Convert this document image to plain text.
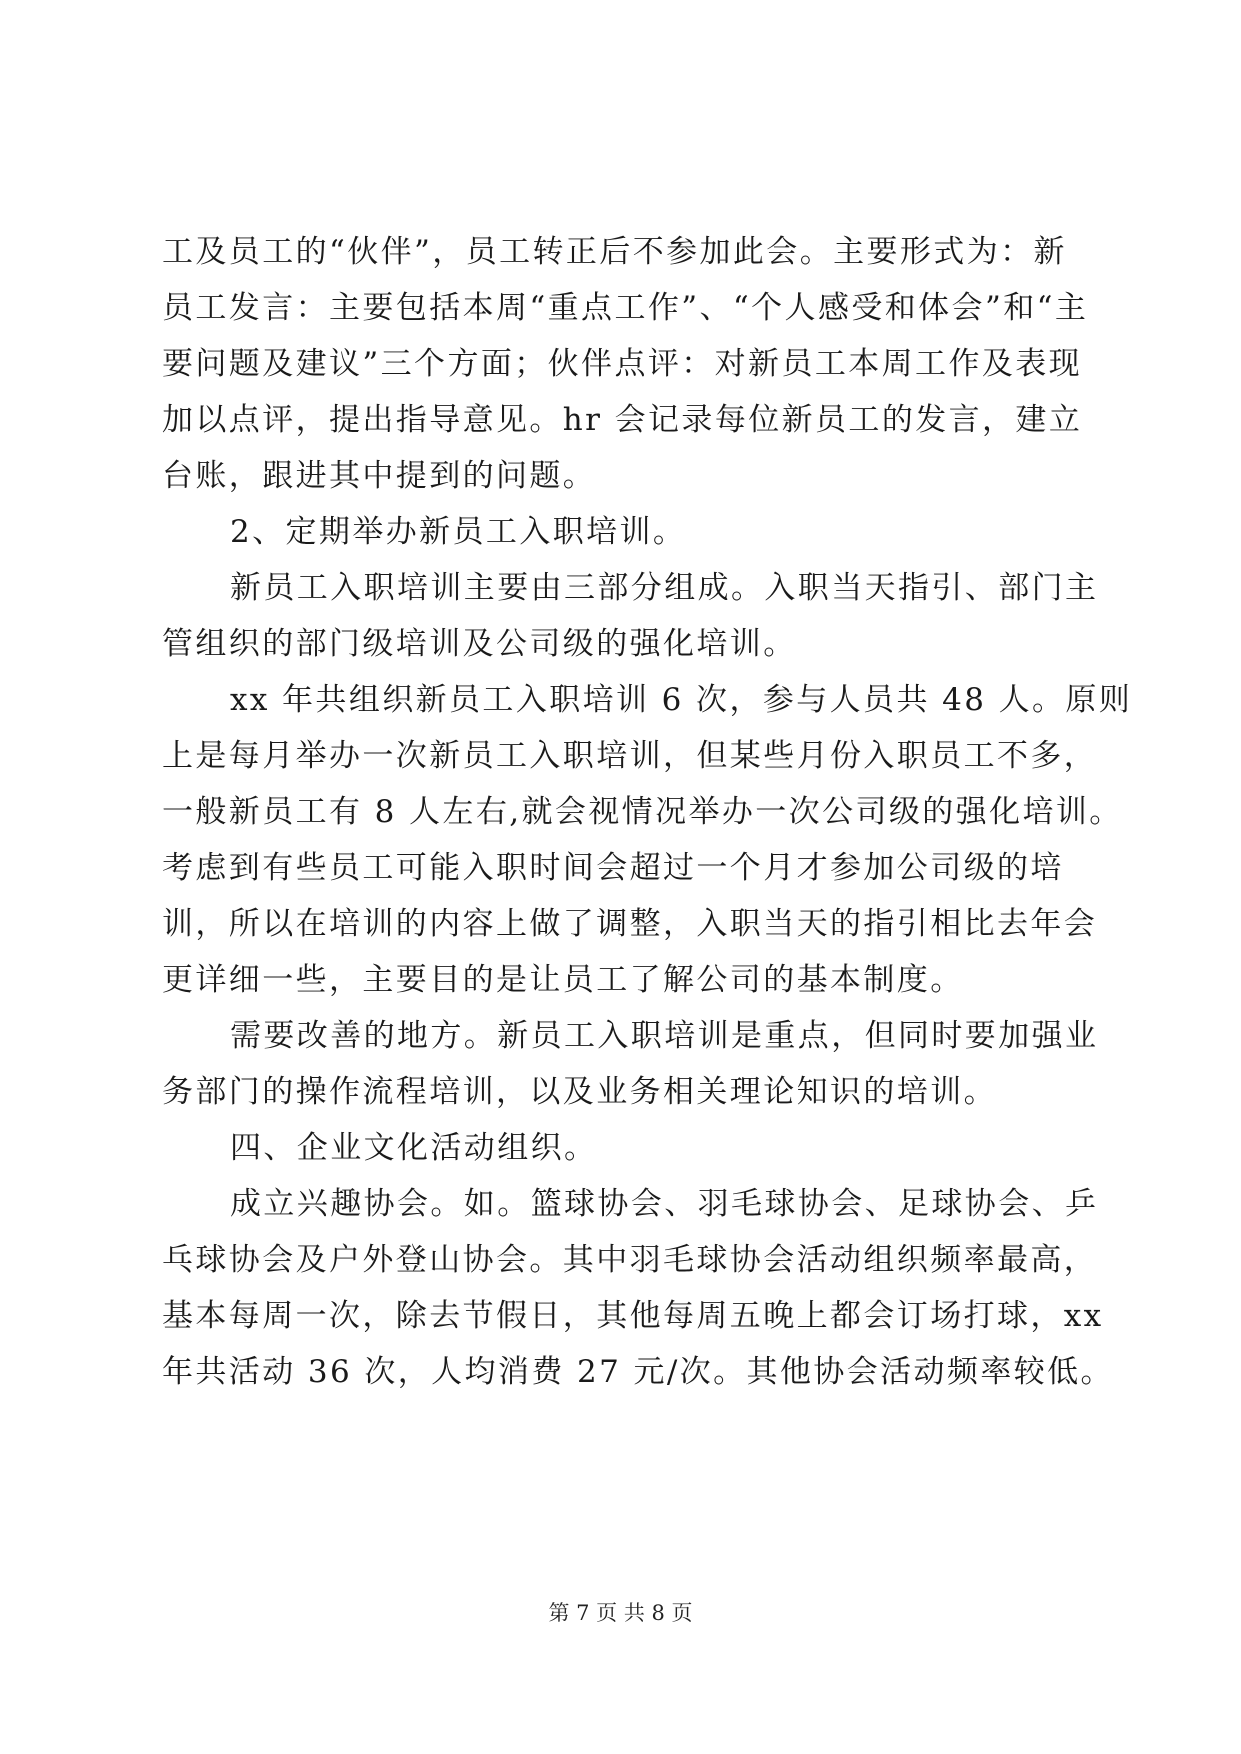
工及员工的“伙伴”，员工转正后不参加此会。主要形式为：新
员工发言：主要包括本周“重点工作”、“个人感受和体会”和“主
要问题及建议”三个方面；伙伴点评：对新员工本周工作及表现
加以点评，提出指导意见。hr 会记录每位新员工的发言，建立
台账，跟进其中提到的问题。
2、定期举办新员工入职培训。
新员工入职培训主要由三部分组成。入职当天指引、部门主
管组织的部门级培训及公司级的强化培训。
xx 年共组织新员工入职培训 6 次，参与人员共 48 人。原则
上是每月举办一次新员工入职培训，但某些月份入职员工不多，
一般新员工有 8 人左右,就会视情况举办一次公司级的强化培训。
考虑到有些员工可能入职时间会超过一个月才参加公司级的培
训，所以在培训的内容上做了调整，入职当天的指引相比去年会
更详细一些，主要目的是让员工了解公司的基本制度。
需要改善的地方。新员工入职培训是重点，但同时要加强业
务部门的操作流程培训，以及业务相关理论知识的培训。
四、企业文化活动组织。
成立兴趣协会。如。篮球协会、羽毛球协会、足球协会、乒
乓球协会及户外登山协会。其中羽毛球协会活动组织频率最高，
基本每周一次，除去节假日，其他每周五晚上都会订场打球，xx
年共活动 36 次，人均消费 27 元/次。其他协会活动频率较低。
第 7 页 共 8 页
